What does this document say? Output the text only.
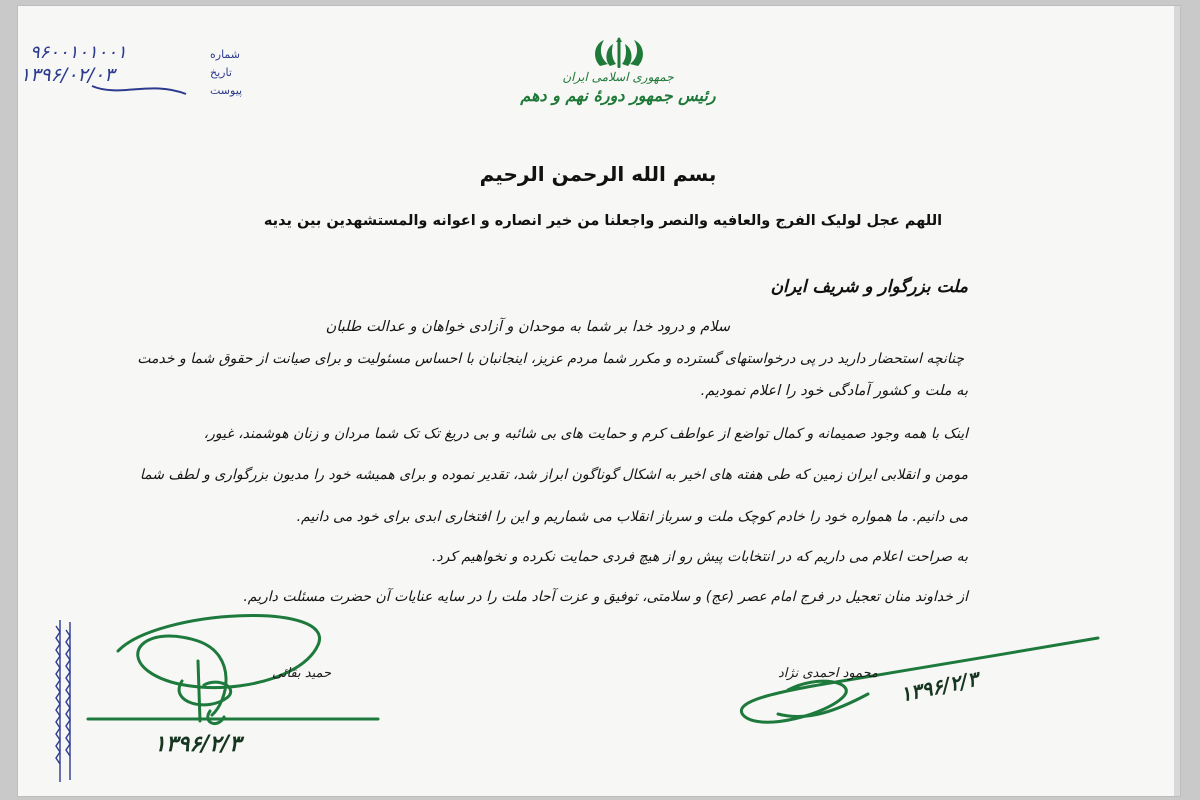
۹۶۰۰۱۰۱۰۰۱	شماره
۱۳۹۶/۰۲/۰۳	تاریخ
پیوست
جمهوری اسلامی ایران
رئیس جمهور دورهٔ نهم و دهم
بسم الله الرحمن الرحیم
اللهم عجل لولیک الفرج والعافیه والنصر واجعلنا من خیر انصاره و اعوانه والمستشهدین بین یدیه
ملت بزرگوار و شریف ایران
سلام و درود خدا بر شما به موحدان و آزادی خواهان و عدالت طلبان
چنانچه استحضار دارید در پی درخواستهای گسترده و مکرر شما مردم عزیز، اینجانبان با احساس مسئولیت و برای صیانت از حقوق شما و خدمت
به ملت و کشور آمادگی خود را اعلام نمودیم.
اینک با همه وجود صمیمانه و کمال تواضع از عواطف کرم و حمایت های بی شائبه و بی دریغ تک تک شما مردان و زنان هوشمند، غیور،
مومن و انقلابی ایران زمین که طی هفته های اخیر به اشکال گوناگون ابراز شد، تقدیر نموده و برای همیشه خود را مدیون بزرگواری و لطف شما
می دانیم. ما همواره خود را خادم کوچک ملت و سرباز انقلاب می شماریم و این را افتخاری ابدی برای خود می دانیم.
به صراحت اعلام می داریم که در انتخابات پیش رو از هیچ فردی حمایت نکرده و نخواهیم کرد.
از خداوند منان تعجیل در فرج امام عصر (عج) و سلامتی، توفیق و عزت آحاد ملت را در سایه عنایات آن حضرت مسئلت داریم.
حمید بقائی
۱۳۹۶/۲/۳
محمود احمدی نژاد ۱۳۹۶/۲/۳
